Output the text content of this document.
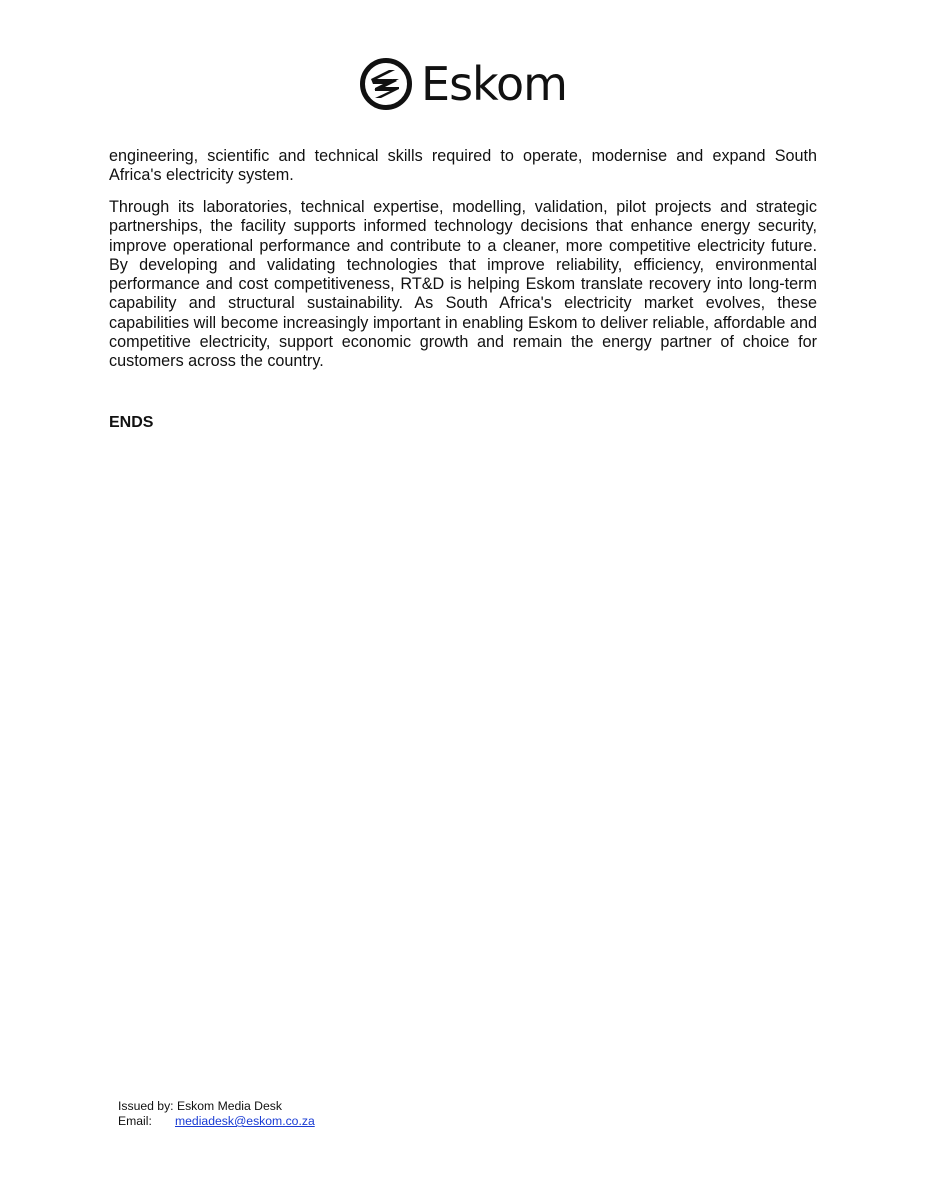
Eskom

engineering, scientific and technical skills required to operate, modernise and expand South Africa's electricity system.

Through its laboratories, technical expertise, modelling, validation, pilot projects and strategic partnerships, the facility supports informed technology decisions that enhance energy security, improve operational performance and contribute to a cleaner, more competitive electricity future. By developing and validating technologies that improve reliability, efficiency, environmental performance and cost competitiveness, RT&D is helping Eskom translate recovery into long-term capability and structural sustainability. As South Africa's electricity market evolves, these capabilities will become increasingly important in enabling Eskom to deliver reliable, affordable and competitive electricity, support economic growth and remain the energy partner of choice for customers across the country.

ENDS
Issued by:
Eskom Media Desk
Email:	mediadesk@eskom.co.za
